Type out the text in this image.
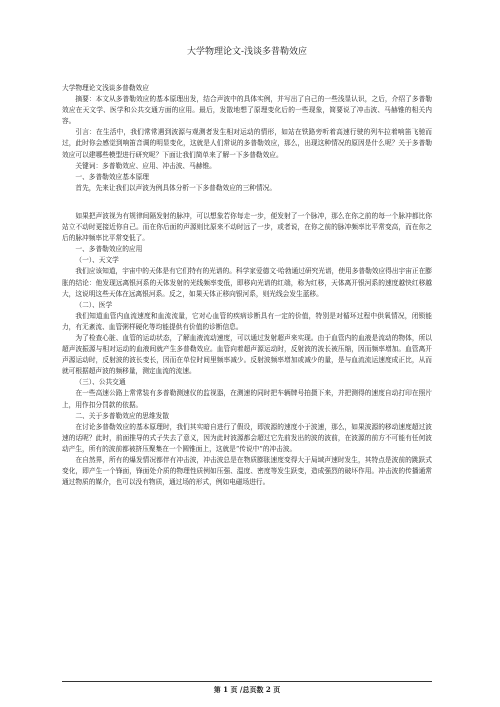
大学物理论文-浅谈多普勒效应

大学物理论文浅谈多普勒效应

摘要：本文从多普勒效应的基本原理出发，结合声波中的具体实例，并写出了自己的一些浅显认识，之后，介绍了多普勒效应在天文学、医学和公共交通方面的应用。最后，发散地想了原理变化后的一些现象，简要说了冲击波、马赫锥的相关内容。

引言：在生活中，我们常常遇到波源与观测者发生相对运动的情形，如站在铁路旁听着高速行驶的列车拉着响笛飞驰而过，此时你会感觉到响笛音调的明显变化，这就是人们常说的多普勒效应，那么，出现这种情况的原因是什么呢？关于多普勒效应可以建哪些模型进行研究呢？下面让我们简单来了解一下多普勒效应。

关键词：多普勒效应、应用、冲击波、马赫锥。

一、多普勒效应基本原理

首先，先来让我们以声波为例具体分析一下多普勒效应的三种情况。

如果把声波视为有规律间隔发射的脉冲，可以想象若你每走一步，便发射了一个脉冲，那么在你之前的每一个脉冲都比你站立不动时更接近你自己。而在你后面的声源则比原来不动时远了一步，或者说，在你之前的脉冲频率比平常变高，而在你之后的脉冲频率比平常变低了。

一、多普勒效应的应用

（一）、天文学

我们应该知道，宇宙中的天体是有它们特有的光谱的。科学家爱德文·哈勃通过研究光谱，使用多普勒效应得出宇宙正在膨胀的结论：他发现远离银河系的天体发射的光线频率变低，即移向光谱的红端，称为红移，天体离开银河系的速度越快红移越大，这说明这些天体在远离银河系。反之，如果天体正移向银河系，则光线会发生蓝移。

（二）、医学

我们知道血管内血流速度和血流流量，它对心血管的疾病诊断具有一定的价值，特别是对循环过程中供氧情况，闭锁能力，有无紊流、血管粥样硬化等均能提供有价值的诊断信息。

为了检查心脏、血管的运动状态，了解血液流动速度，可以通过发射超声来实现。由于血管内的血液是流动的物体，所以超声波振源与相对运动的血液间就产生多普勒效应。血管向着超声源运动时，反射波的波长被压缩，因而频率增加。血管离开声源运动时，反射波的波长变长，因而在单位时间里频率减少。反射波频率增加或减少的量，是与血流流运速度成正比，从而就可根据超声波的频移量，测定血流的流速。

（三）、公共交通

在一些高速公路上常常装有多普勒测速仪的监视器，在测速的同时把车辆牌号拍摄下来，并把测得的速度自动打印在照片上，用作扣分罚款的依据。

二、关于多普勒效应的思维发散

在讨论多普勒效应的基本原理时，我们其实暗自进行了假设，即波源的速度小于波速，那么，如果波源的移动速度超过波速的话呢？此时，前面推导的式子失去了意义，因为此时波源都会超过它先前发出的波的波前，在波源的前方不可能有任何波动产生，所有的波前都被挤压聚集在一个圆锥面上，这就是“传说中”的冲击波。

在自然界，所有的爆发情况都伴有冲击波，冲击波总是在物质膨胀速度变得大于局域声速时发生，其特点是波前的跳跃式变化，即产生一个锋面，锋面处介质的物理性质例如压强、温度、密度等发生跃变，造成强烈的破坏作用。冲击波的传播通常通过物质的媒介，也可以没有物质，通过场的形式，例如电磁场进行。

第 1 页 /总页数 2 页
